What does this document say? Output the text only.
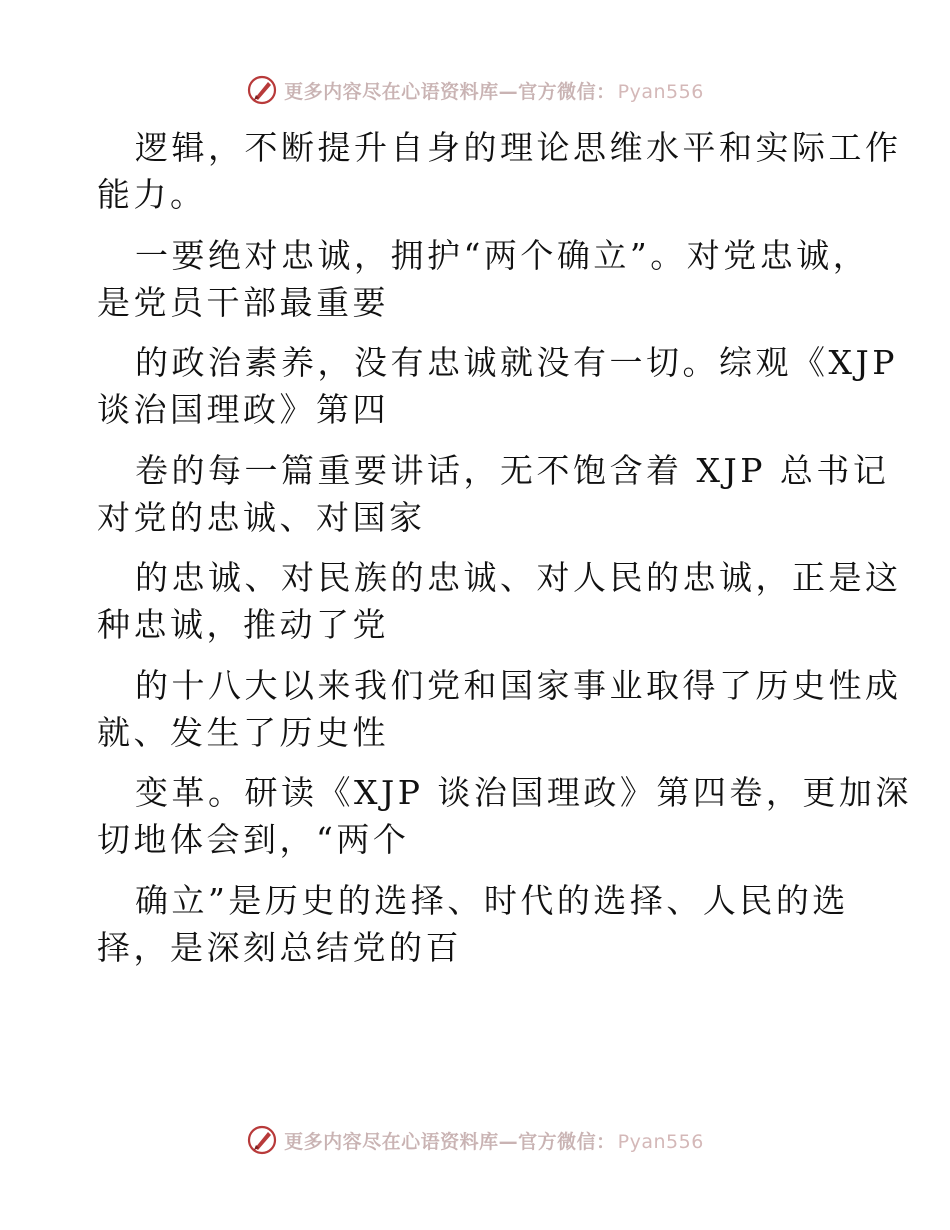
更多内容尽在心语资料库—官方微信： Pyan556
逻辑，不断提升自身的理论思维水平和实际工作
能力。
一要绝对忠诚，拥护“两个确立”。对党忠诚，
是党员干部最重要
的政治素养，没有忠诚就没有一切。综观《XJP
谈治国理政》第四
卷的每一篇重要讲话，无不饱含着 XJP 总书记
对党的忠诚、对国家
的忠诚、对民族的忠诚、对人民的忠诚，正是这
种忠诚，推动了党
的十八大以来我们党和国家事业取得了历史性成
就、发生了历史性
变革。研读《XJP 谈治国理政》第四卷，更加深
切地体会到，“两个
确立”是历史的选择、时代的选择、人民的选
择，是深刻总结党的百
更多内容尽在心语资料库—官方微信： Pyan556
